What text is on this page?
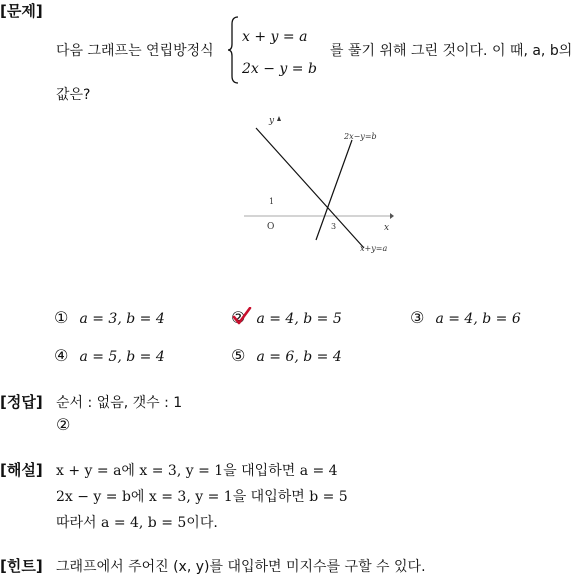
[문제]
[정답]
[해설]
[힌트]
다음 그래프는 연립방정식
x + y = a
2x − y = b
를 풀기 위해 그린 것이다. 이 때, a, b의
값은?
y
x
O	3
1
2x−y=b
x+y=a
① a = 3, b = 4	② a = 4, b = 5	③ a = 4, b = 6
④ a = 5, b = 4	⑤ a = 6, b = 4
순서 : 없음, 갯수 : 1
②
x + y = a에 x = 3, y = 1을 대입하면 a = 4
2x − y = b에 x = 3, y = 1을 대입하면 b = 5
따라서 a = 4, b = 5이다.
그래프에서 주어진 (x, y)를 대입하면 미지수를 구할 수 있다.
